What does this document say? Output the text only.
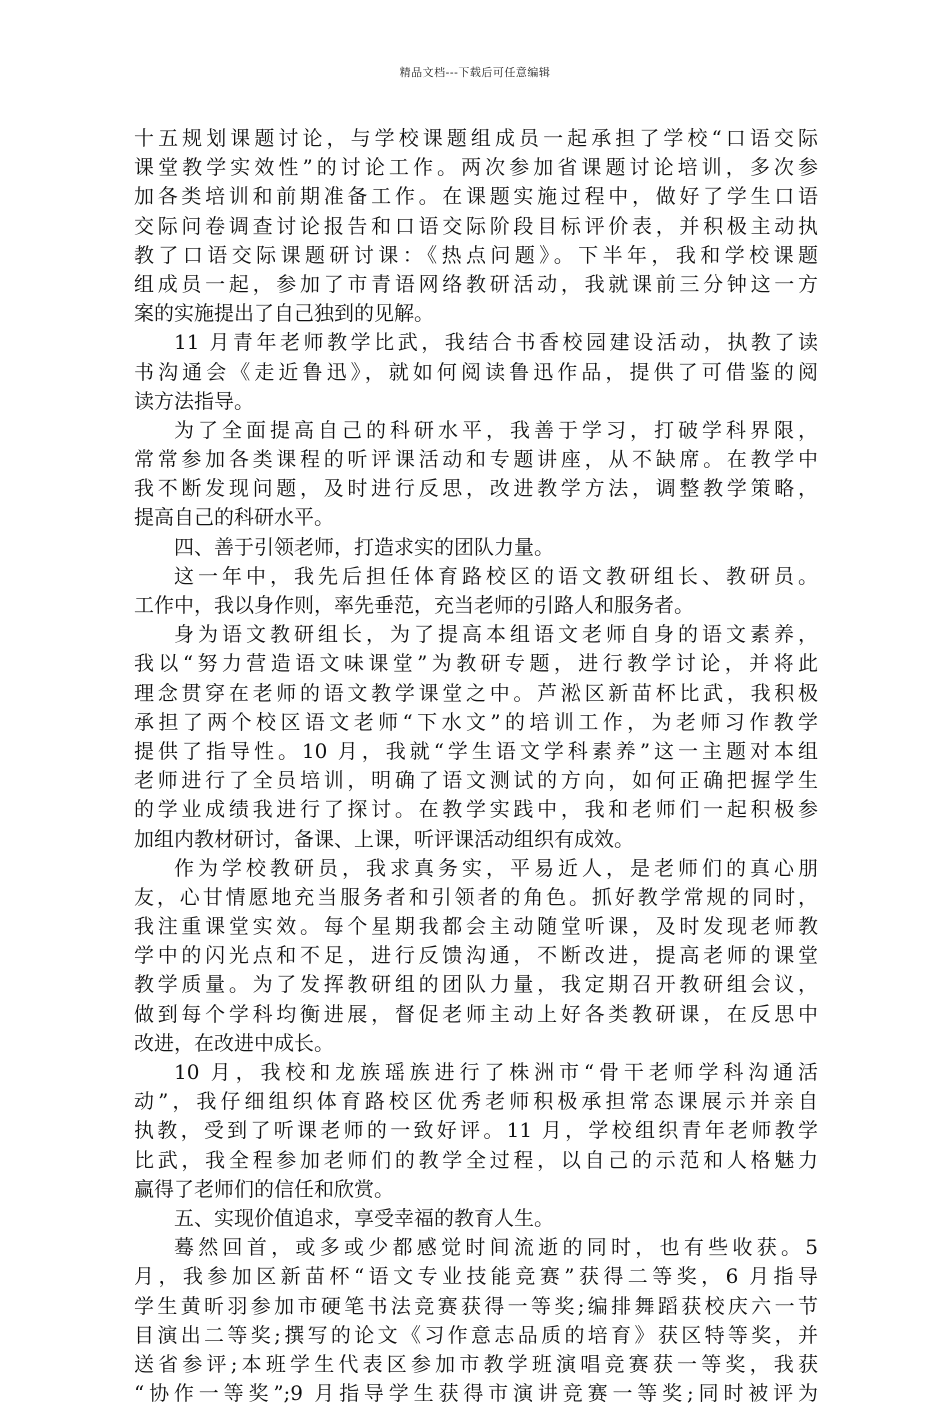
精品文档---下载后可任意编辑
十五规划课题讨论，与学校课题组成员一起承担了学校“口语交际
课堂教学实效性”的讨论工作。两次参加省课题讨论培训，多次参
加各类培训和前期准备工作。在课题实施过程中，做好了学生口语
交际问卷调查讨论报告和口语交际阶段目标评价表，并积极主动执
教了口语交际课题研讨课：《热点问题》。下半年，我和学校课题
组成员一起，参加了市青语网络教研活动，我就课前三分钟这一方
案的实施提出了自己独到的见解。
11 月青年老师教学比武，我结合书香校园建设活动，执教了读
书沟通会《走近鲁迅》，就如何阅读鲁迅作品，提供了可借鉴的阅
读方法指导。
为了全面提高自己的科研水平，我善于学习，打破学科界限，
常常参加各类课程的听评课活动和专题讲座，从不缺席。在教学中
我不断发现问题，及时进行反思，改进教学方法，调整教学策略，
提高自己的科研水平。
四、善于引领老师，打造求实的团队力量。
这一年中，我先后担任体育路校区的语文教研组长、教研员。
工作中，我以身作则，率先垂范，充当老师的引路人和服务者。
身为语文教研组长，为了提高本组语文老师自身的语文素养，
我以“努力营造语文味课堂”为教研专题，进行教学讨论，并将此
理念贯穿在老师的语文教学课堂之中。芦淞区新苗杯比武，我积极
承担了两个校区语文老师“下水文”的培训工作，为老师习作教学
提供了指导性。10 月，我就“学生语文学科素养”这一主题对本组
老师进行了全员培训，明确了语文测试的方向，如何正确把握学生
的学业成绩我进行了探讨。在教学实践中，我和老师们一起积极参
加组内教材研讨，备课、上课，听评课活动组织有成效。
作为学校教研员，我求真务实，平易近人，是老师们的真心朋
友，心甘情愿地充当服务者和引领者的角色。抓好教学常规的同时，
我注重课堂实效。每个星期我都会主动随堂听课，及时发现老师教
学中的闪光点和不足，进行反馈沟通，不断改进，提高老师的课堂
教学质量。为了发挥教研组的团队力量，我定期召开教研组会议，
做到每个学科均衡进展，督促老师主动上好各类教研课，在反思中
改进，在改进中成长。
10 月，我校和龙族瑶族进行了株洲市“骨干老师学科沟通活
动”，我仔细组织体育路校区优秀老师积极承担常态课展示并亲自
执教，受到了听课老师的一致好评。11 月，学校组织青年老师教学
比武，我全程参加老师们的教学全过程，以自己的示范和人格魅力
赢得了老师们的信任和欣赏。
五、实现价值追求，享受幸福的教育人生。
蓦然回首，或多或少都感觉时间流逝的同时，也有些收获。5
月，我参加区新苗杯“语文专业技能竞赛”获得二等奖，6 月指导
学生黄昕羽参加市硬笔书法竞赛获得一等奖;编排舞蹈获校庆六一节
目演出二等奖;撰写的论文《习作意志品质的培育》获区特等奖，并
送省参评;本班学生代表区参加市教学班演唱竞赛获一等奖，我获
“协作一等奖”;9 月指导学生获得市演讲竞赛一等奖;同时被评为
